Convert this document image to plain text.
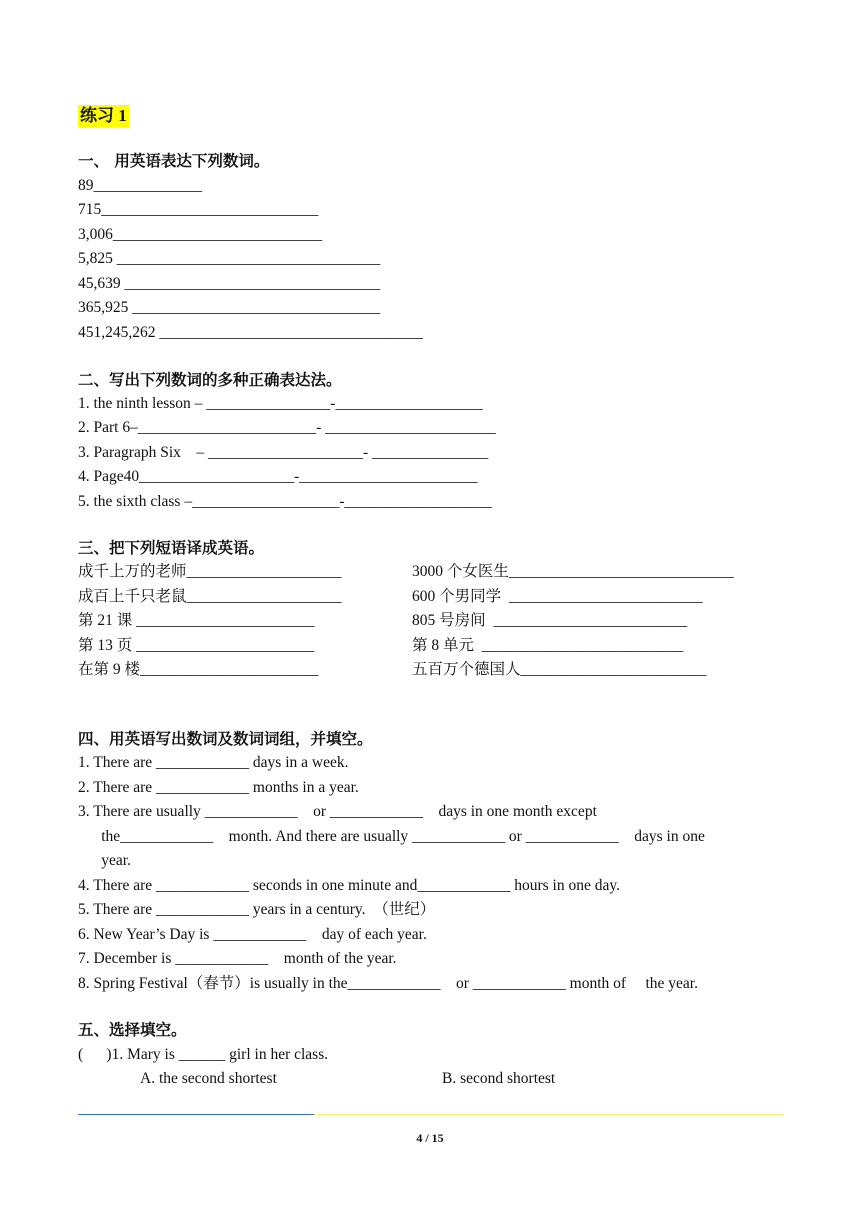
练习 1
一、 用英语表达下列数词。
89______________
715____________________________
3,006___________________________
5,825 __________________________________
45,639 _________________________________
365,925 ________________________________
451,245,262 __________________________________
二、写出下列数词的多种正确表达法。
1. the ninth lesson – ________________-___________________
2. Part 6–_______________________- ______________________
3. Paragraph Six    – ____________________- _______________
4. Page40____________________-_______________________
5. the sixth class –___________________-___________________
三、把下列短语译成英语。
成千上万的老师____________________
成百上千只老鼠____________________
第 21 课 _______________________
第 13 页 _______________________
在第 9 楼_______________________
3000 个女医生_____________________________
600 个男同学  _________________________
805 号房间  _________________________
第 8 单元  __________________________
五百万个德国人________________________
四、用英语写出数词及数词词组，并填空。
1. There are ____________ days in a week.
2. There are ____________ months in a year.
3. There are usually ____________    or ____________    days in one month except
the____________    month. And there are usually ____________ or ____________    days in one
year.
4. There are ____________ seconds in one minute and____________ hours in one day.
5. There are ____________ years in a century.  （世纪）
6. New Year’s Day is ____________    day of each year.
7. December is ____________    month of the year.
8. Spring Festival（春节）is usually in the____________    or ____________ month of     the year.
五、选择填空。
(      )1. Mary is ______ girl in her class.
A. the second shortest	B. second shortest
4 / 15
